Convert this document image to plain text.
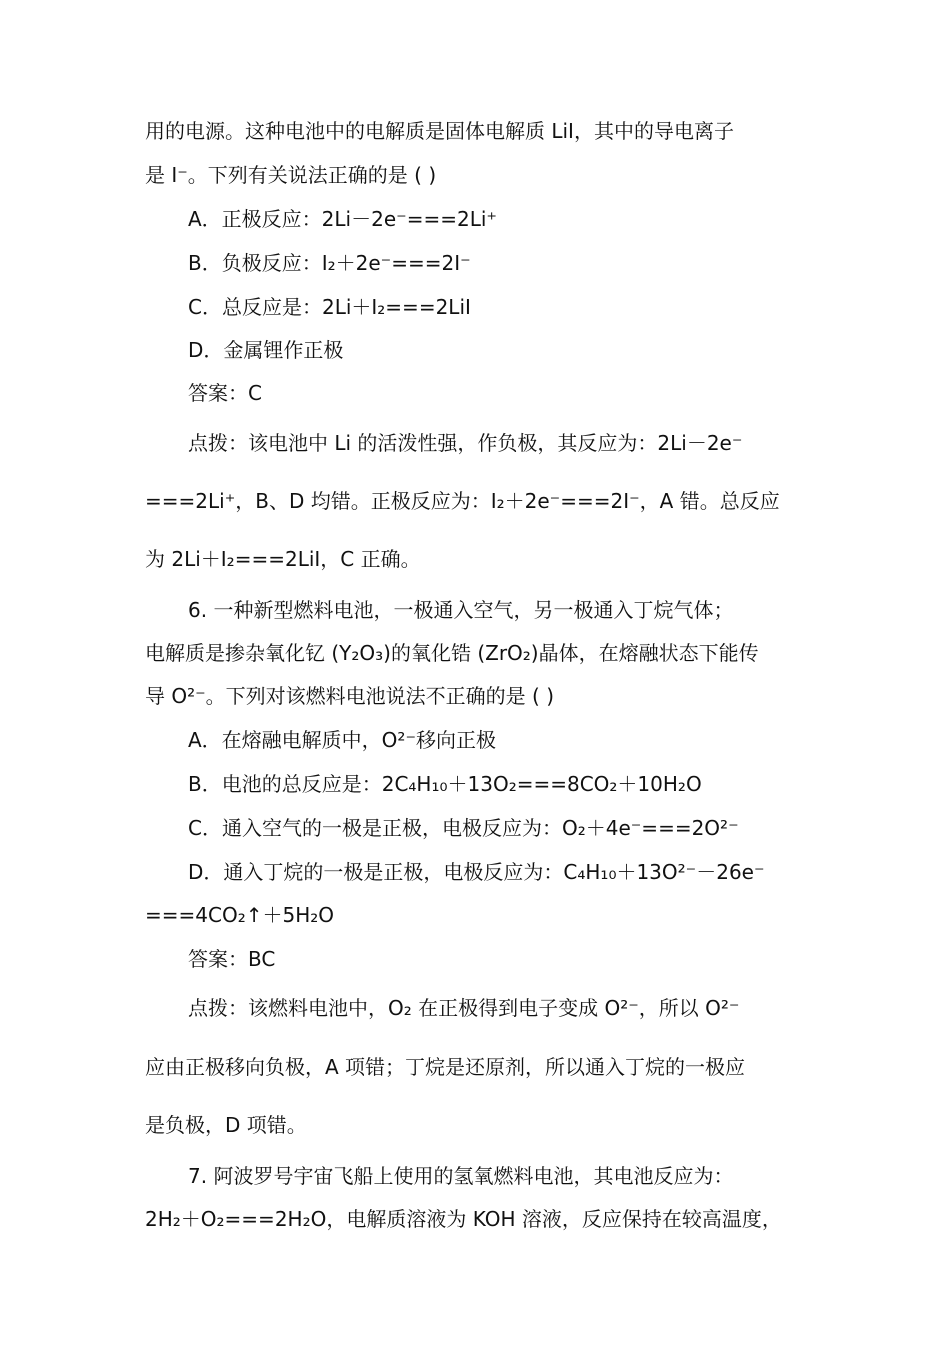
用的电源。这种电池中的电解质是固体电解质 LiI，其中的导电离子
是 I⁻。下列有关说法正确的是 ( )
A．正极反应：2Li－2e⁻===2Li⁺
B．负极反应：I₂＋2e⁻===2I⁻
C．总反应是：2Li＋I₂===2LiI
D．金属锂作正极
答案：C
点拨：该电池中 Li 的活泼性强，作负极，其反应为：2Li－2e⁻
===2Li⁺，B、D 均错。正极反应为：I₂＋2e⁻===2I⁻，A 错。总反应
为 2Li＋I₂===2LiI，C 正确。
6. 一种新型燃料电池，一极通入空气，另一极通入丁烷气体；
电解质是掺杂氧化钇 (Y₂O₃)的氧化锆 (ZrO₂)晶体，在熔融状态下能传
导 O²⁻。下列对该燃料电池说法不正确的是 ( )
A．在熔融电解质中，O²⁻移向正极
B．电池的总反应是：2C₄H₁₀＋13O₂===8CO₂＋10H₂O
C．通入空气的一极是正极，电极反应为：O₂＋4e⁻===2O²⁻
D．通入丁烷的一极是正极，电极反应为：C₄H₁₀＋13O²⁻－26e⁻
===4CO₂↑＋5H₂O
答案：BC
点拨：该燃料电池中，O₂ 在正极得到电子变成 O²⁻，所以 O²⁻
应由正极移向负极，A 项错；丁烷是还原剂，所以通入丁烷的一极应
是负极，D 项错。
7. 阿波罗号宇宙飞船上使用的氢氧燃料电池，其电池反应为：
2H₂＋O₂===2H₂O，电解质溶液为 KOH 溶液，反应保持在较高温度，
